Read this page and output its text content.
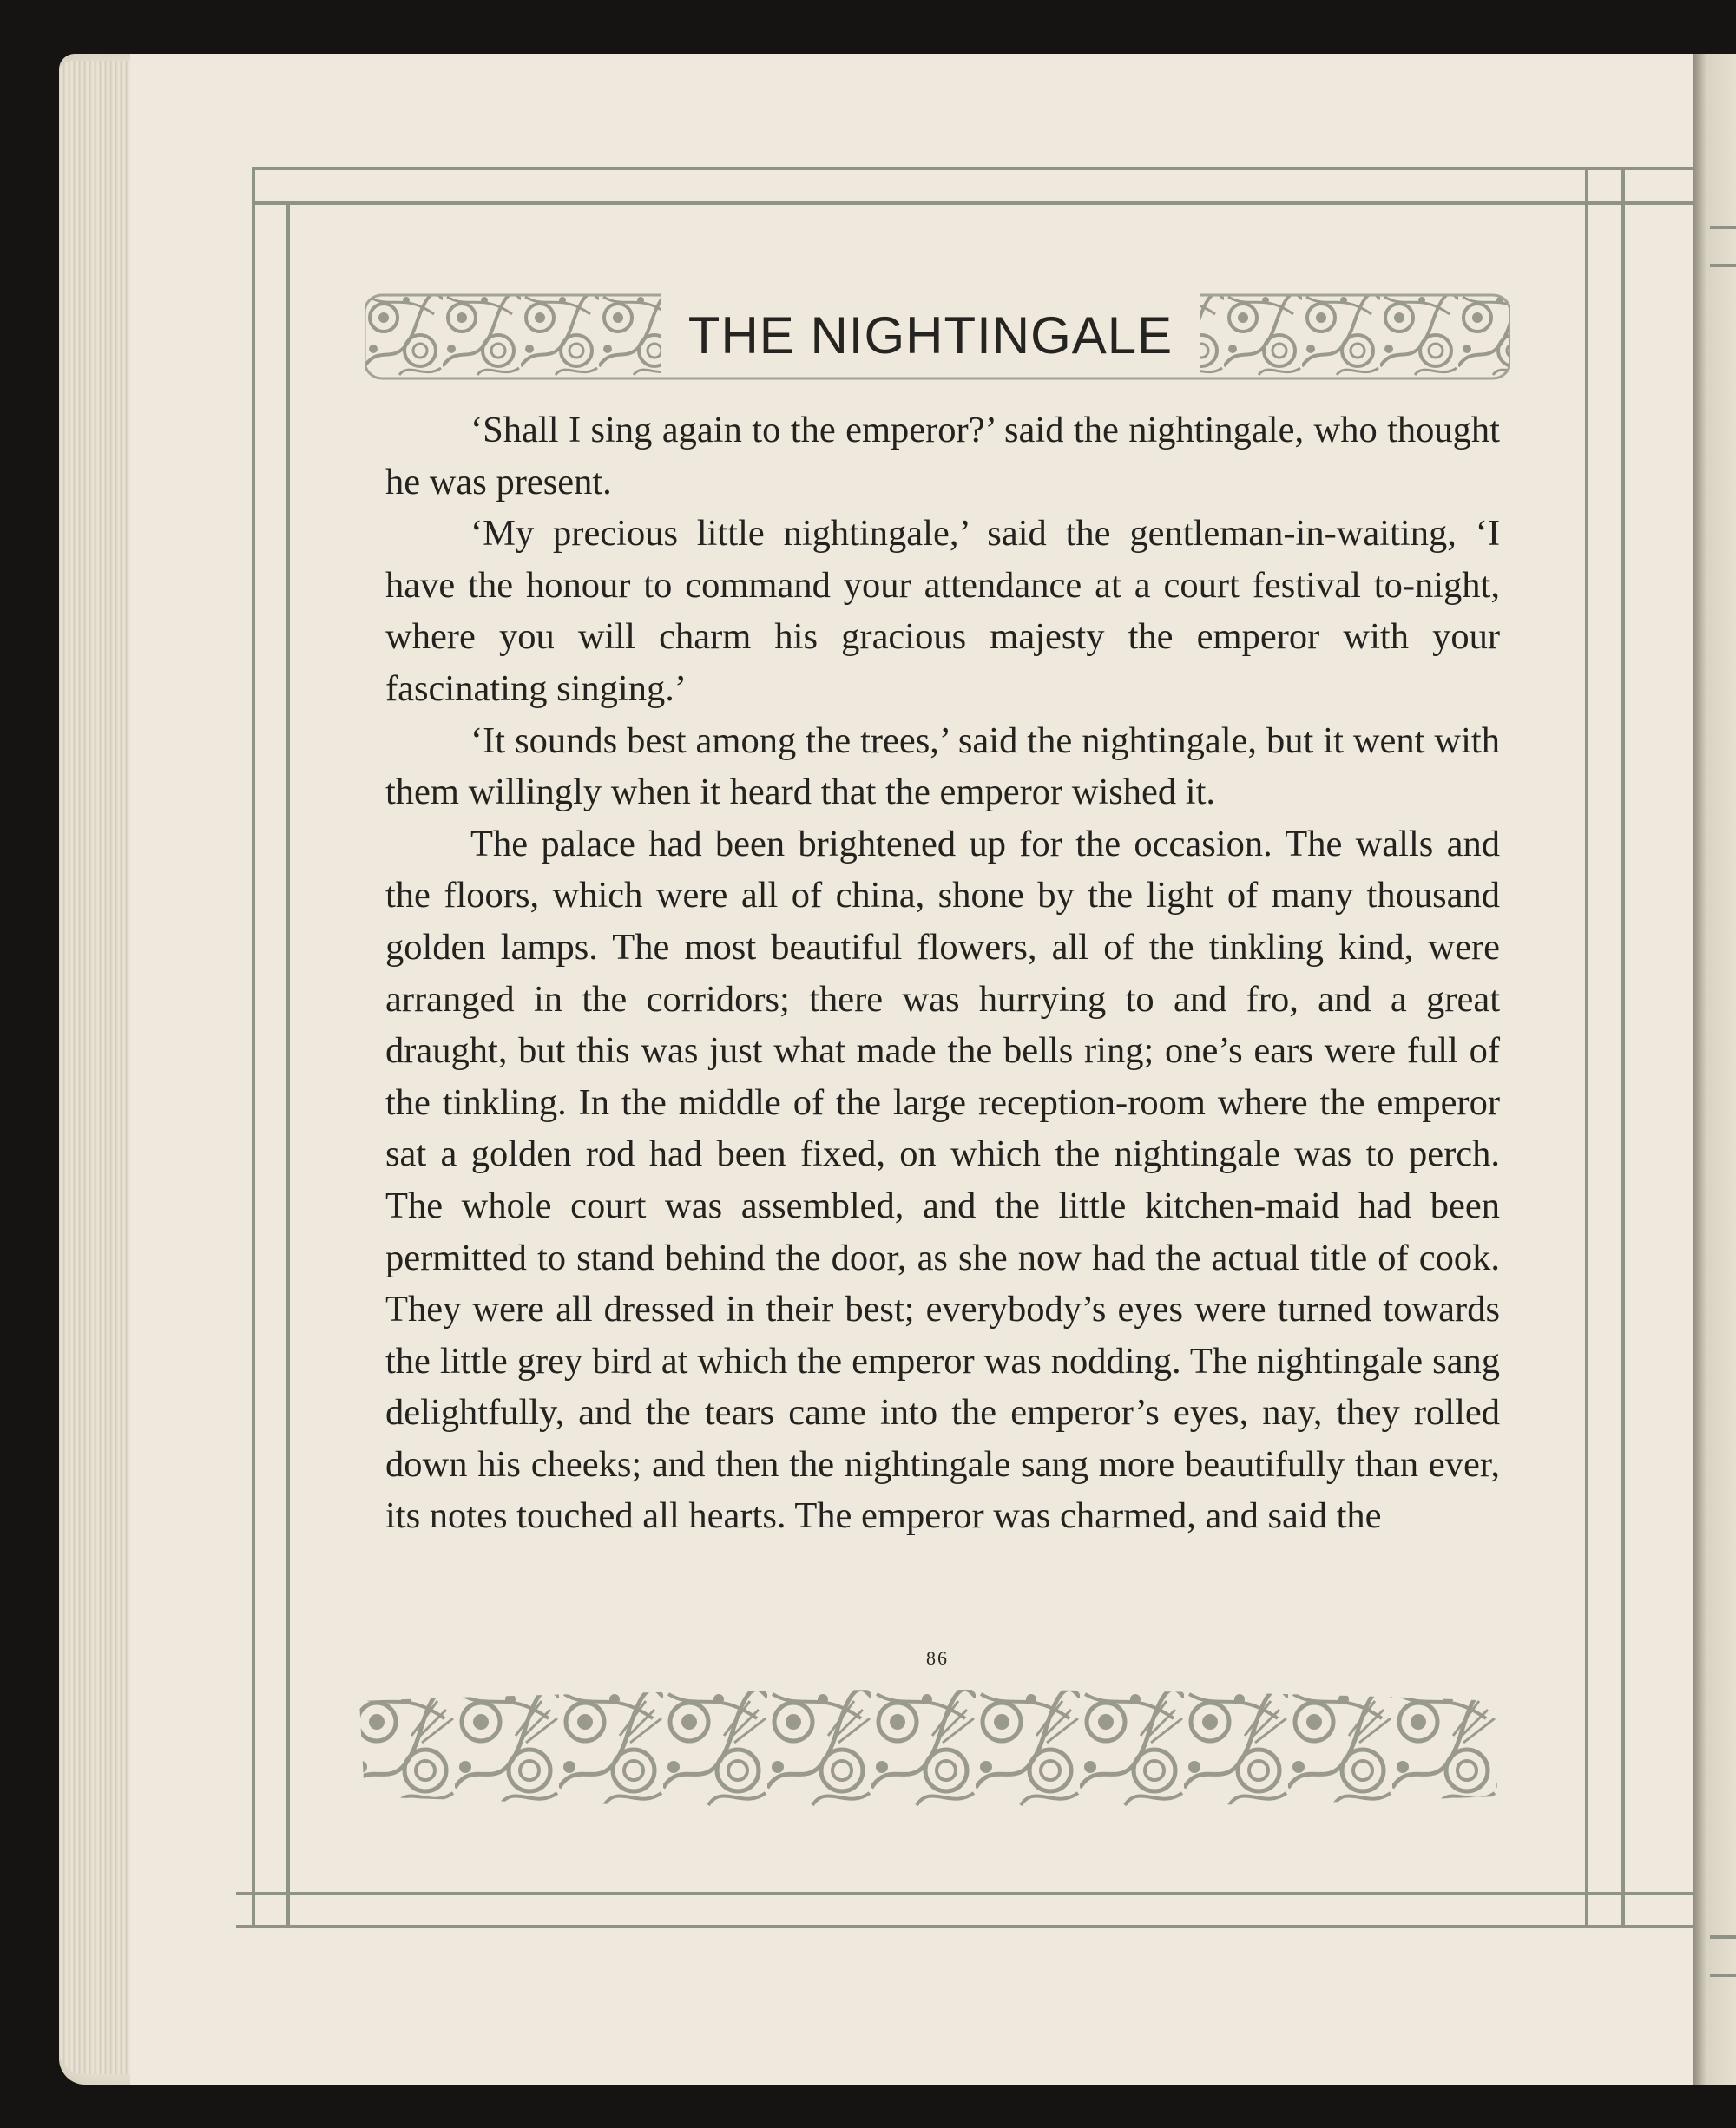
THE NIGHTINGALE

‘Shall I sing again to the emperor?’ said the nightingale, who thought he was present.

‘My precious little nightingale,’ said the gentleman-in-waiting, ‘I have the honour to command your attendance at a court festival to-night, where you will charm his gracious majesty the emperor with your fascinating singing.’

‘It sounds best among the trees,’ said the nightingale, but it went with them willingly when it heard that the emperor wished it.

The palace had been brightened up for the occasion. The walls and the floors, which were all of china, shone by the light of many thousand golden lamps. The most beautiful flowers, all of the tinkling kind, were arranged in the corridors; there was hurrying to and fro, and a great draught, but this was just what made the bells ring; one’s ears were full of the tinkling. In the middle of the large reception-room where the emperor sat a golden rod had been fixed, on which the nightingale was to perch. The whole court was assembled, and the little kitchen-maid had been permitted to stand behind the door, as she now had the actual title of cook. They were all dressed in their best; everybody’s eyes were turned towards the little grey bird at which the emperor was nodding. The nightingale sang delightfully, and the tears came into the emperor’s eyes, nay, they rolled down his cheeks; and then the nightingale sang more beautifully than ever, its notes touched all hearts. The emperor was charmed, and said the

86
